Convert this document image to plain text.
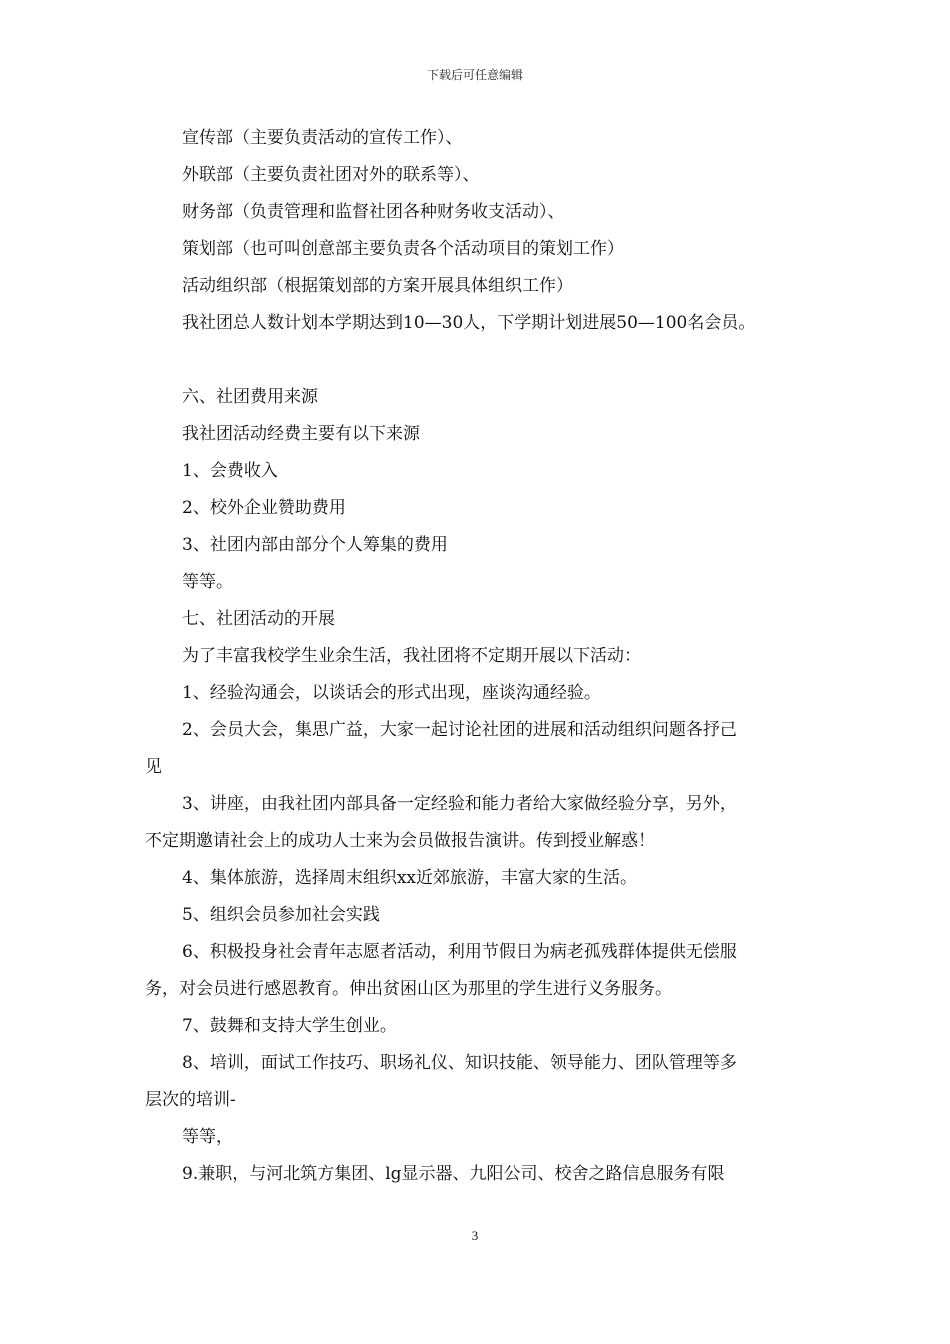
下载后可任意编辑
宣传部（主要负责活动的宣传工作）、
外联部（主要负责社团对外的联系等）、
财务部（负责管理和监督社团各种财务收支活动）、
策划部（也可叫创意部主要负责各个活动项目的策划工作）
活动组织部（根据策划部的方案开展具体组织工作）
我社团总人数计划本学期达到10—30人，下学期计划进展50—100名会员。
六、社团费用来源
我社团活动经费主要有以下来源
1、会费收入
2、校外企业赞助费用
3、社团内部由部分个人筹集的费用
等等。
七、社团活动的开展
为了丰富我校学生业余生活，我社团将不定期开展以下活动：
1、经验沟通会，以谈话会的形式出现，座谈沟通经验。
2、会员大会，集思广益，大家一起讨论社团的进展和活动组织问题各抒己
见
3、讲座，由我社团内部具备一定经验和能力者给大家做经验分享，另外，
不定期邀请社会上的成功人士来为会员做报告演讲。传到授业解惑！
4、集体旅游，选择周末组织xx近郊旅游，丰富大家的生活。
5、组织会员参加社会实践
6、积极投身社会青年志愿者活动，利用节假日为病老孤残群体提供无偿服
务，对会员进行感恩教育。伸出贫困山区为那里的学生进行义务服务。
7、鼓舞和支持大学生创业。
8、培训，面试工作技巧、职场礼仪、知识技能、领导能力、团队管理等多
层次的培训-
等等，
9.兼职，与河北筑方集团、lg显示器、九阳公司、校舍之路信息服务有限
3
